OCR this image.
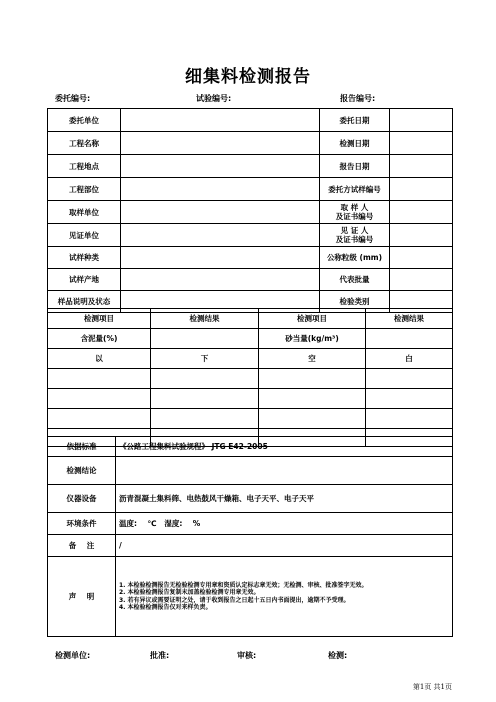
细集料检测报告
委托编号:	试验编号:	报告编号:
委托单位		委托日期	
工程名称		检测日期	
工程地点		报告日期	
工程部位		委托方试样编号	
取样单位		取 样 人
及证书编号	
见证单位		见 证 人
及证书编号	
试样种类		公称粒级 (mm)	
试样产地		代表批量	
样品说明及状态		检验类别	
检测项目	检测结果	检测项目	检测结果
含泥量(%)		砂当量(kg/m³)	
以	下	空	白

依据标准	《公路工程集料试验规程》 JTG E42-2005
检测结论	
仪器设备	沥青混凝土集料筛、电热鼓风干燥箱、电子天平、电子天平
环境条件	温度:    ℃   湿度:    %
备    注	/
声    明	1. 本检验检测报告无检验检测专用章和资质认定标志章无效；无检测、审核、批准签字无效。
2. 本检验检测报告复制未加盖检验检测专用章无效。
3. 若有异议或需要证明之处，请于收到报告之日起十五日内书面提出，逾期不予受理。
4. 本检验检测报告仅对来样负责。
检测单位:	批准:	审核:	检测:
第1页 共1页
